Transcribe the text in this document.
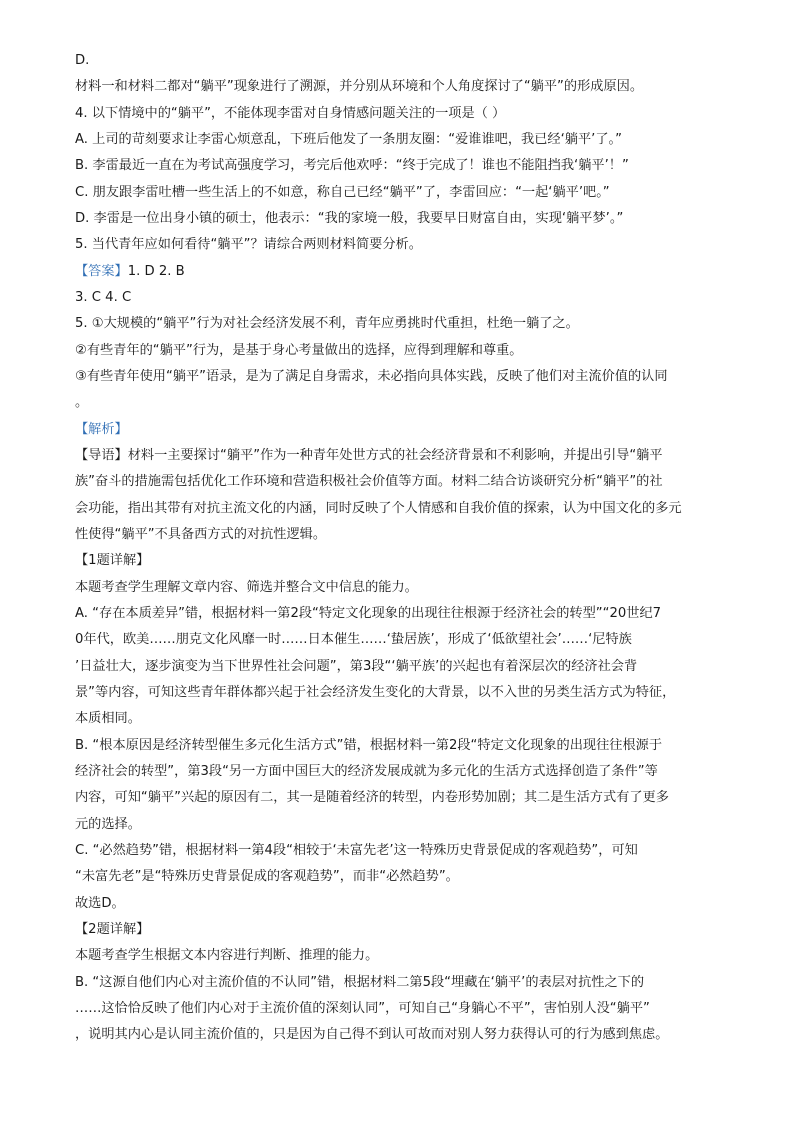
D.
材料一和材料二都对“躺平”现象进行了溯源，并分别从环境和个人角度探讨了“躺平”的形成原因。
4. 以下情境中的“躺平”，不能体现李雷对自身情感问题关注的一项是（ ）
A. 上司的苛刻要求让李雷心烦意乱，下班后他发了一条朋友圈：“爱谁谁吧，我已经‘躺平’了。”
B. 李雷最近一直在为考试高强度学习，考完后他欢呼：“终于完成了！谁也不能阻挡我‘躺平’！”
C. 朋友跟李雷吐槽一些生活上的不如意，称自己已经“躺平”了，李雷回应：“一起‘躺平’吧。”
D. 李雷是一位出身小镇的硕士，他表示：“我的家境一般，我要早日财富自由，实现‘躺平梦’。”
5. 当代青年应如何看待“躺平”？请综合两则材料简要分析。
【答案】1. D 2. B
3. C 4. C
5. ①大规模的“躺平”行为对社会经济发展不利，青年应勇挑时代重担，杜绝一躺了之。
②有些青年的“躺平”行为，是基于身心考量做出的选择，应得到理解和尊重。
③有些青年使用“躺平”语录，是为了满足自身需求，未必指向具体实践，反映了他们对主流价值的认同
。
【解析】
【导语】材料一主要探讨“躺平”作为一种青年处世方式的社会经济背景和不利影响，并提出引导“躺平
族”奋斗的措施需包括优化工作环境和营造积极社会价值等方面。材料二结合访谈研究分析“躺平”的社
会功能，指出其带有对抗主流文化的内涵，同时反映了个人情感和自我价值的探索，认为中国文化的多元
性使得“躺平”不具备西方式的对抗性逻辑。
【1题详解】
本题考查学生理解文章内容、筛选并整合文中信息的能力。
A. “存在本质差异”错，根据材料一第2段“特定文化现象的出现往往根源于经济社会的转型”“20世纪7
0年代，欧美……朋克文化风靡一时……日本催生……‘蛰居族’，形成了‘低欲望社会’……‘尼特族
’日益壮大，逐步演变为当下世界性社会问题”，第3段“‘躺平族’的兴起也有着深层次的经济社会背
景”等内容，可知这些青年群体都兴起于社会经济发生变化的大背景，以不入世的另类生活方式为特征，
本质相同。
B. “根本原因是经济转型催生多元化生活方式”错，根据材料一第2段“特定文化现象的出现往往根源于
经济社会的转型”，第3段“另一方面中国巨大的经济发展成就为多元化的生活方式选择创造了条件”等
内容，可知“躺平”兴起的原因有二，其一是随着经济的转型，内卷形势加剧；其二是生活方式有了更多
元的选择。
C. “必然趋势”错，根据材料一第4段“相较于‘未富先老’这一特殊历史背景促成的客观趋势”，可知
“未富先老”是“特殊历史背景促成的客观趋势”，而非“必然趋势”。
故选D。
【2题详解】
本题考查学生根据文本内容进行判断、推理的能力。
B. “这源自他们内心对主流价值的不认同”错，根据材料二第5段“埋藏在‘躺平’的表层对抗性之下的
……这恰恰反映了他们内心对于主流价值的深刻认同”，可知自己“身躺心不平”，害怕别人没“躺平”
，说明其内心是认同主流价值的，只是因为自己得不到认可故而对别人努力获得认可的行为感到焦虑。
